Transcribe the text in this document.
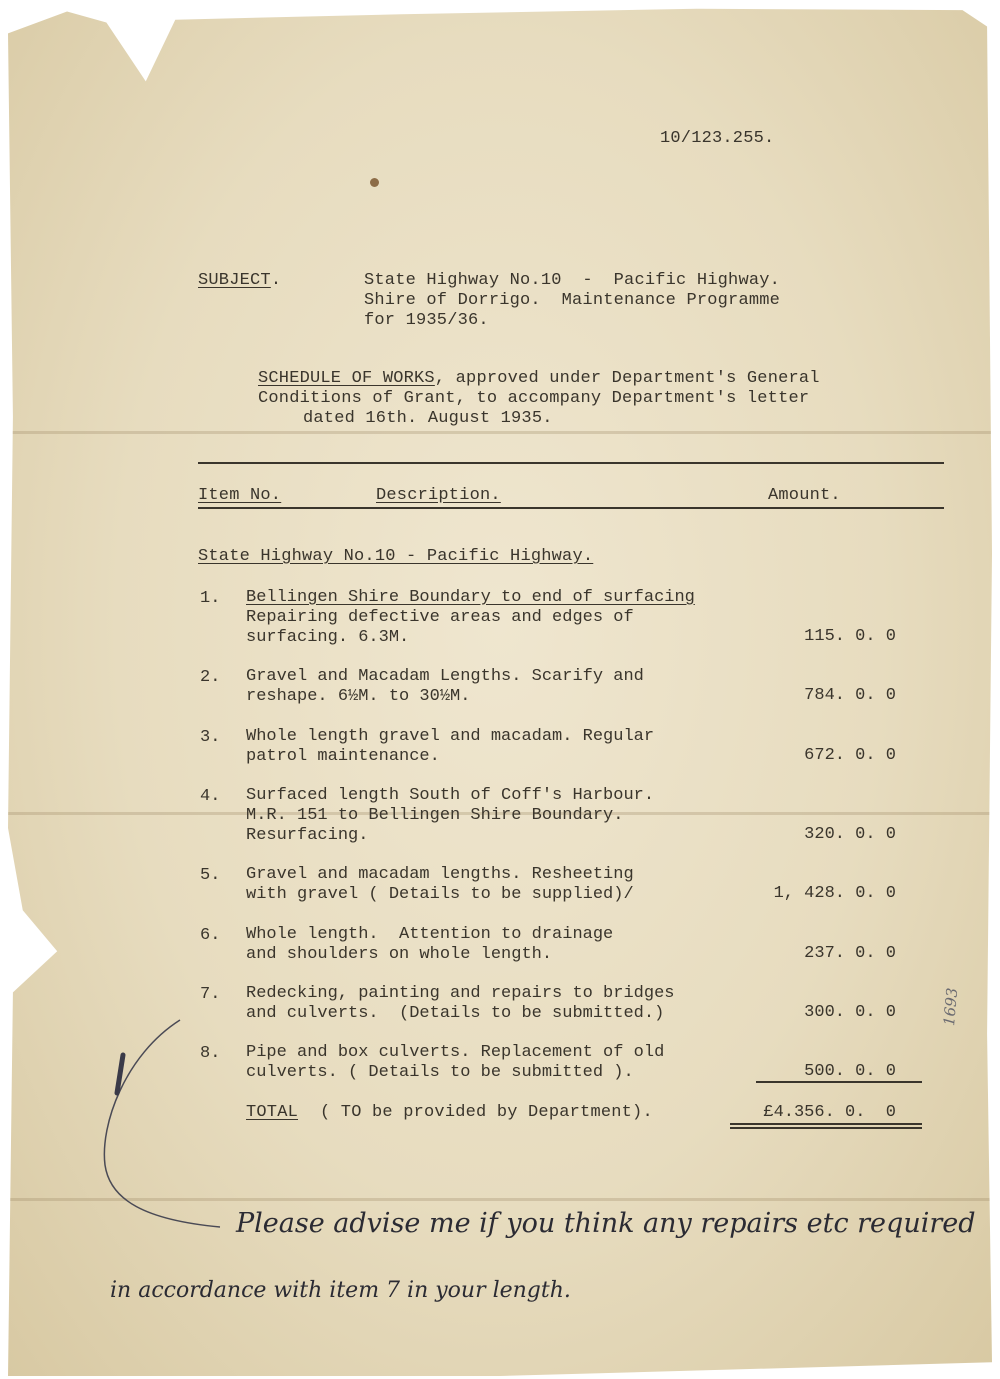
10/123.255.
SUBJECT.	State Highway No.10  -  Pacific Highway.
Shire of Dorrigo.  Maintenance Programme
for 1935/36.
SCHEDULE OF WORKS, approved under Department's General
Conditions of Grant, to accompany Department's letter
dated 16th. August 1935.
Item No.	Description.	Amount.
State Highway No.10 - Pacific Highway.
1.	Bellingen Shire Boundary to end of surfacing
Repairing defective areas and edges of
surfacing. 6.3M.	115. 0. 0
2.	Gravel and Macadam Lengths. Scarify and
reshape. 6½M. to 30½M.	784. 0. 0
3.	Whole length gravel and macadam. Regular
patrol maintenance.	672. 0. 0
4.	Surfaced length South of Coff's Harbour.
M.R. 151 to Bellingen Shire Boundary.
Resurfacing.	320. 0. 0
5.	Gravel and macadam lengths. Resheeting
with gravel ( Details to be supplied)/	1, 428. 0. 0
6.	Whole length.  Attention to drainage
and shoulders on whole length.	237. 0. 0
7.	Redecking, painting and repairs to bridges
and culverts.  (Details to be submitted.)	300. 0. 0
8.	Pipe and box culverts. Replacement of old
culverts. ( Details to be submitted ).	500. 0. 0
TOTAL ( TO be provided by Department).	£4.356. 0.  0
Please advise me if you think any repairs etc required
in accordance with item 7 in your length.
1693
